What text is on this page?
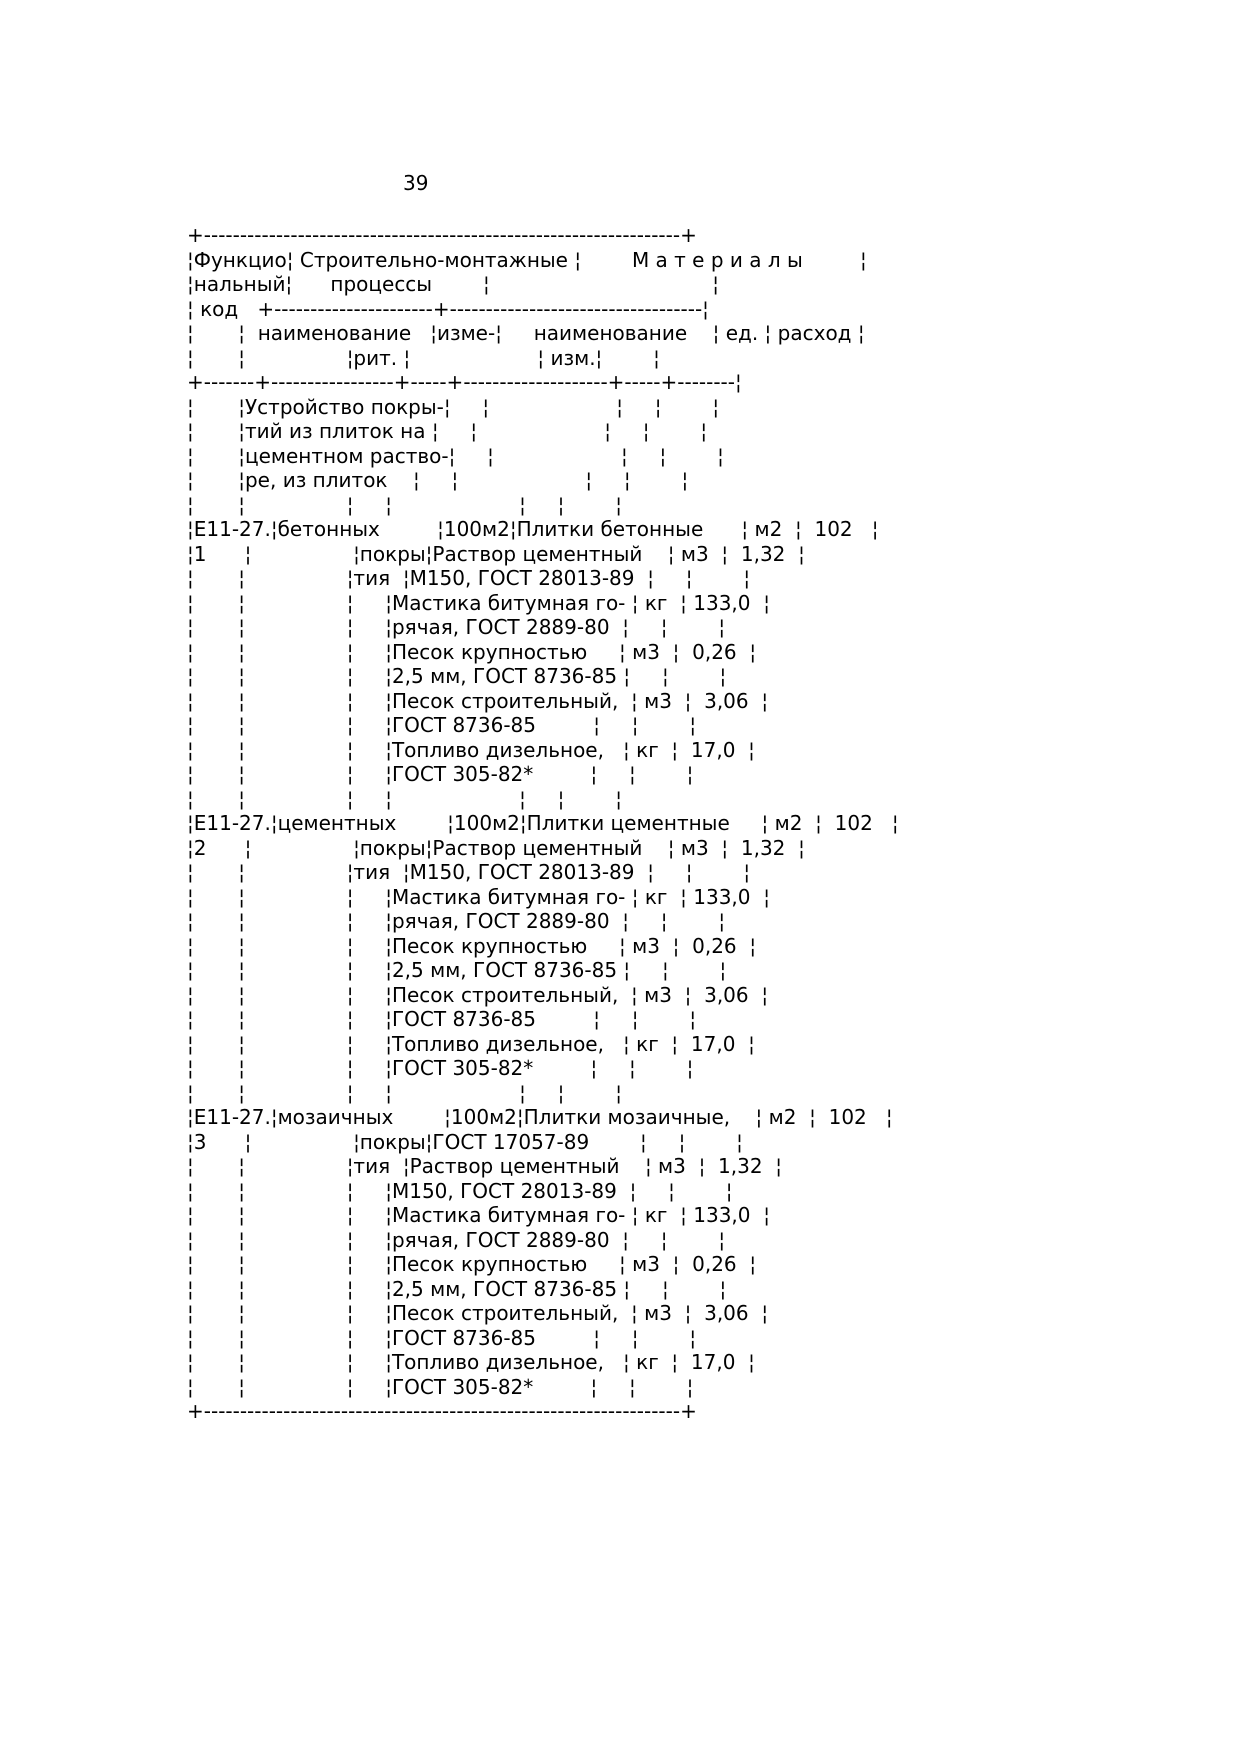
39
+------------------------------------------------------------------+
¦Функцио¦ Строительно-монтажные ¦        М а т е р и а л ы         ¦
¦нальный¦      процессы        ¦                                   ¦
¦ код   +----------------------+-----------------------------------¦
¦       ¦  наименование   ¦изме-¦     наименование    ¦ ед. ¦ расход ¦
¦       ¦                ¦рит. ¦                    ¦ изм.¦        ¦
+-------+-----------------+-----+--------------------+-----+--------¦
¦       ¦Устройство покры-¦     ¦                    ¦     ¦        ¦
¦       ¦тий из плиток на ¦     ¦                    ¦     ¦        ¦
¦       ¦цементном раство-¦     ¦                    ¦     ¦        ¦
¦       ¦ре, из плиток    ¦     ¦                    ¦     ¦        ¦
¦       ¦                ¦     ¦                    ¦     ¦        ¦
¦Е11-27.¦бетонных         ¦100м2¦Плитки бетонные      ¦ м2  ¦  102   ¦
¦1      ¦                ¦покры¦Раствор цементный    ¦ м3  ¦  1,32  ¦
¦       ¦                ¦тия  ¦М150, ГОСТ 28013-89  ¦     ¦        ¦
¦       ¦                ¦     ¦Мастика битумная го- ¦ кг  ¦ 133,0  ¦
¦       ¦                ¦     ¦рячая, ГОСТ 2889-80  ¦     ¦        ¦
¦       ¦                ¦     ¦Песок крупностью     ¦ м3  ¦  0,26  ¦
¦       ¦                ¦     ¦2,5 мм, ГОСТ 8736-85 ¦     ¦        ¦
¦       ¦                ¦     ¦Песок строительный,  ¦ м3  ¦  3,06  ¦
¦       ¦                ¦     ¦ГОСТ 8736-85         ¦     ¦        ¦
¦       ¦                ¦     ¦Топливо дизельное,   ¦ кг  ¦  17,0  ¦
¦       ¦                ¦     ¦ГОСТ 305-82*         ¦     ¦        ¦
¦       ¦                ¦     ¦                    ¦     ¦        ¦
¦Е11-27.¦цементных        ¦100м2¦Плитки цементные     ¦ м2  ¦  102   ¦
¦2      ¦                ¦покры¦Раствор цементный    ¦ м3  ¦  1,32  ¦
¦       ¦                ¦тия  ¦М150, ГОСТ 28013-89  ¦     ¦        ¦
¦       ¦                ¦     ¦Мастика битумная го- ¦ кг  ¦ 133,0  ¦
¦       ¦                ¦     ¦рячая, ГОСТ 2889-80  ¦     ¦        ¦
¦       ¦                ¦     ¦Песок крупностью     ¦ м3  ¦  0,26  ¦
¦       ¦                ¦     ¦2,5 мм, ГОСТ 8736-85 ¦     ¦        ¦
¦       ¦                ¦     ¦Песок строительный,  ¦ м3  ¦  3,06  ¦
¦       ¦                ¦     ¦ГОСТ 8736-85         ¦     ¦        ¦
¦       ¦                ¦     ¦Топливо дизельное,   ¦ кг  ¦  17,0  ¦
¦       ¦                ¦     ¦ГОСТ 305-82*         ¦     ¦        ¦
¦       ¦                ¦     ¦                    ¦     ¦        ¦
¦Е11-27.¦мозаичных        ¦100м2¦Плитки мозаичные,    ¦ м2  ¦  102   ¦
¦3      ¦                ¦покры¦ГОСТ 17057-89        ¦     ¦        ¦
¦       ¦                ¦тия  ¦Раствор цементный    ¦ м3  ¦  1,32  ¦
¦       ¦                ¦     ¦М150, ГОСТ 28013-89  ¦     ¦        ¦
¦       ¦                ¦     ¦Мастика битумная го- ¦ кг  ¦ 133,0  ¦
¦       ¦                ¦     ¦рячая, ГОСТ 2889-80  ¦     ¦        ¦
¦       ¦                ¦     ¦Песок крупностью     ¦ м3  ¦  0,26  ¦
¦       ¦                ¦     ¦2,5 мм, ГОСТ 8736-85 ¦     ¦        ¦
¦       ¦                ¦     ¦Песок строительный,  ¦ м3  ¦  3,06  ¦
¦       ¦                ¦     ¦ГОСТ 8736-85         ¦     ¦        ¦
¦       ¦                ¦     ¦Топливо дизельное,   ¦ кг  ¦  17,0  ¦
¦       ¦                ¦     ¦ГОСТ 305-82*         ¦     ¦        ¦
+------------------------------------------------------------------+
